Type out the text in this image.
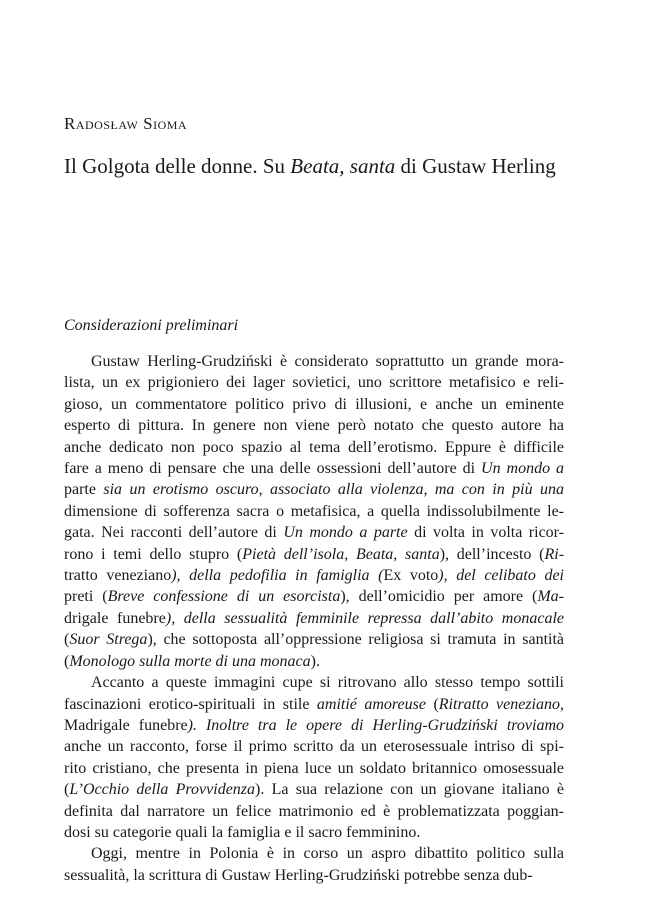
Radosław Sioma
Il Golgota delle donne. Su Beata, santa di Gustaw Herling
Considerazioni preliminari
Gustaw Herling-Grudziński è considerato soprattutto un grande mora-
lista, un ex prigioniero dei lager sovietici, uno scrittore metafisico e reli-
gioso, un commentatore politico privo di illusioni, e anche un eminente
esperto di pittura. In genere non viene però notato che questo autore ha
anche dedicato non poco spazio al tema dell’erotismo. Eppure è difficile
fare a meno di pensare che una delle ossessioni dell’autore di Un mondo a
parte sia un erotismo oscuro, associato alla violenza, ma con in più una
dimensione di sofferenza sacra o metafisica, a quella indissolubilmente le-
gata. Nei racconti dell’autore di Un mondo a parte di volta in volta ricor-
rono i temi dello stupro (Pietà dell’isola, Beata, santa), dell’incesto (Ri-
tratto veneziano), della pedofilia in famiglia (Ex voto), del celibato dei
preti (Breve confessione di un esorcista), dell’omicidio per amore (Ma-
drigale funebre), della sessualità femminile repressa dall’abito monacale
(Suor Strega), che sottoposta all’oppressione religiosa si tramuta in santità
(Monologo sulla morte di una monaca).
Accanto a queste immagini cupe si ritrovano allo stesso tempo sottili
fascinazioni erotico-spirituali in stile amitié amoreuse (Ritratto veneziano,
Madrigale funebre). Inoltre tra le opere di Herling-Grudziński troviamo
anche un racconto, forse il primo scritto da un eterosessuale intriso di spi-
rito cristiano, che presenta in piena luce un soldato britannico omosessuale
(L’Occhio della Provvidenza). La sua relazione con un giovane italiano è
definita dal narratore un felice matrimonio ed è problematizzata poggian-
dosi su categorie quali la famiglia e il sacro femminino.
Oggi, mentre in Polonia è in corso un aspro dibattito politico sulla
sessualità, la scrittura di Gustaw Herling-Grudziński potrebbe senza dub-
